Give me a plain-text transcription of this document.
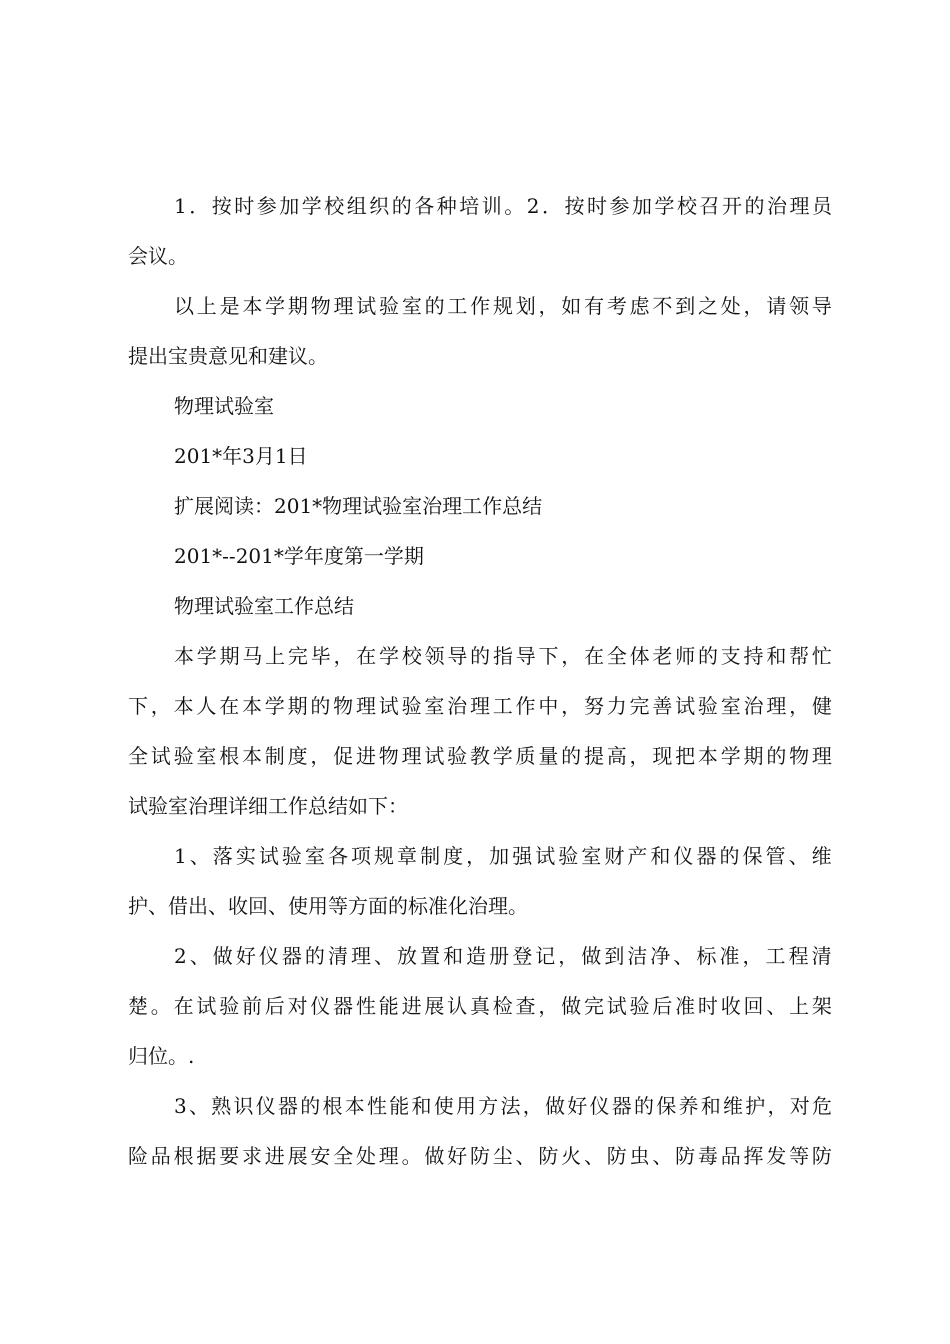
1 ． 按 时 参 加 学 校 组 织 的 各 种 培 训 。 2 ． 按 时 参 加 学 校 召 开 的 治 理 员

会议。

以 上 是 本 学 期 物 理 试 验 室 的 工 作 规 划 ， 如 有 考 虑 不 到 之 处 ， 请 领 导

提出宝贵意见和建议。

物理试验室

201*年3月1日

扩展阅读：201*物理试验室治理工作总结

201*--201*学年度第一学期

物理试验室工作总结

本 学 期 马 上 完 毕 ， 在 学 校 领 导 的 指 导 下 ， 在 全 体 老 师 的 支 持 和 帮 忙

下 ， 本 人 在 本 学 期 的 物 理 试 验 室 治 理 工 作 中 ， 努 力 完 善 试 验 室 治 理 ， 健

全 试 验 室 根 本 制 度 ， 促 进 物 理 试 验 教 学 质 量 的 提 高 ， 现 把 本 学 期 的 物 理

试验室治理详细工作总结如下：

1 、 落 实 试 验 室 各 项 规 章 制 度 ， 加 强 试 验 室 财 产 和 仪 器 的 保 管 、 维

护、借出、收回、使用等方面的标准化治理。

2 、 做 好 仪 器 的 清 理 、 放 置 和 造 册 登 记 ， 做 到 洁 净 、 标 准 ， 工 程 清

楚 。 在 试 验 前 后 对 仪 器 性 能 进 展 认 真 检 查 ， 做 完 试 验 后 准 时 收 回 、 上 架

归位。.

3 、 熟 识 仪 器 的 根 本 性 能 和 使 用 方 法 ， 做 好 仪 器 的 保 养 和 维 护 ， 对 危

险 品 根 据 要 求 进 展 安 全 处 理 。 做 好 防 尘 、 防 火 、 防 虫 、 防 毒 品 挥 发 等 防
